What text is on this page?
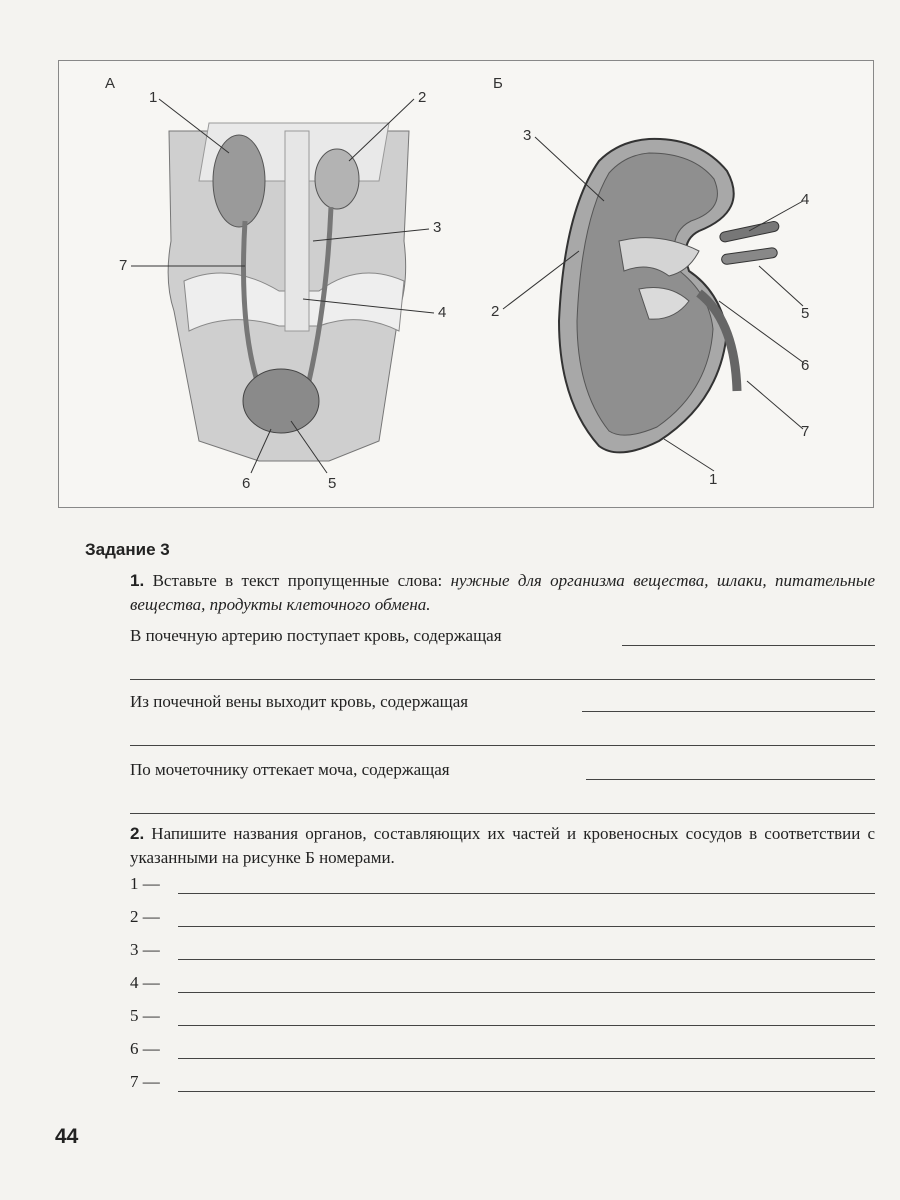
А	Б
1	2
3
4
5
6
7
1
2
3
4
5
6
7
Задание 3
1. Вставьте в текст пропущенные слова: нужные для организма вещества, шлаки, питательные вещества, продукты клеточного обмена.
В почечную артерию поступает кровь, содержащая
Из почечной вены выходит кровь, содержащая
По мочеточнику оттекает моча, содержащая
2. Напишите названия органов, составляющих их частей и кровеносных сосудов в соответствии с указанными на рисунке Б номерами.
1 —
2 —
3 —
4 —
5 —
6 —
7 —
44
